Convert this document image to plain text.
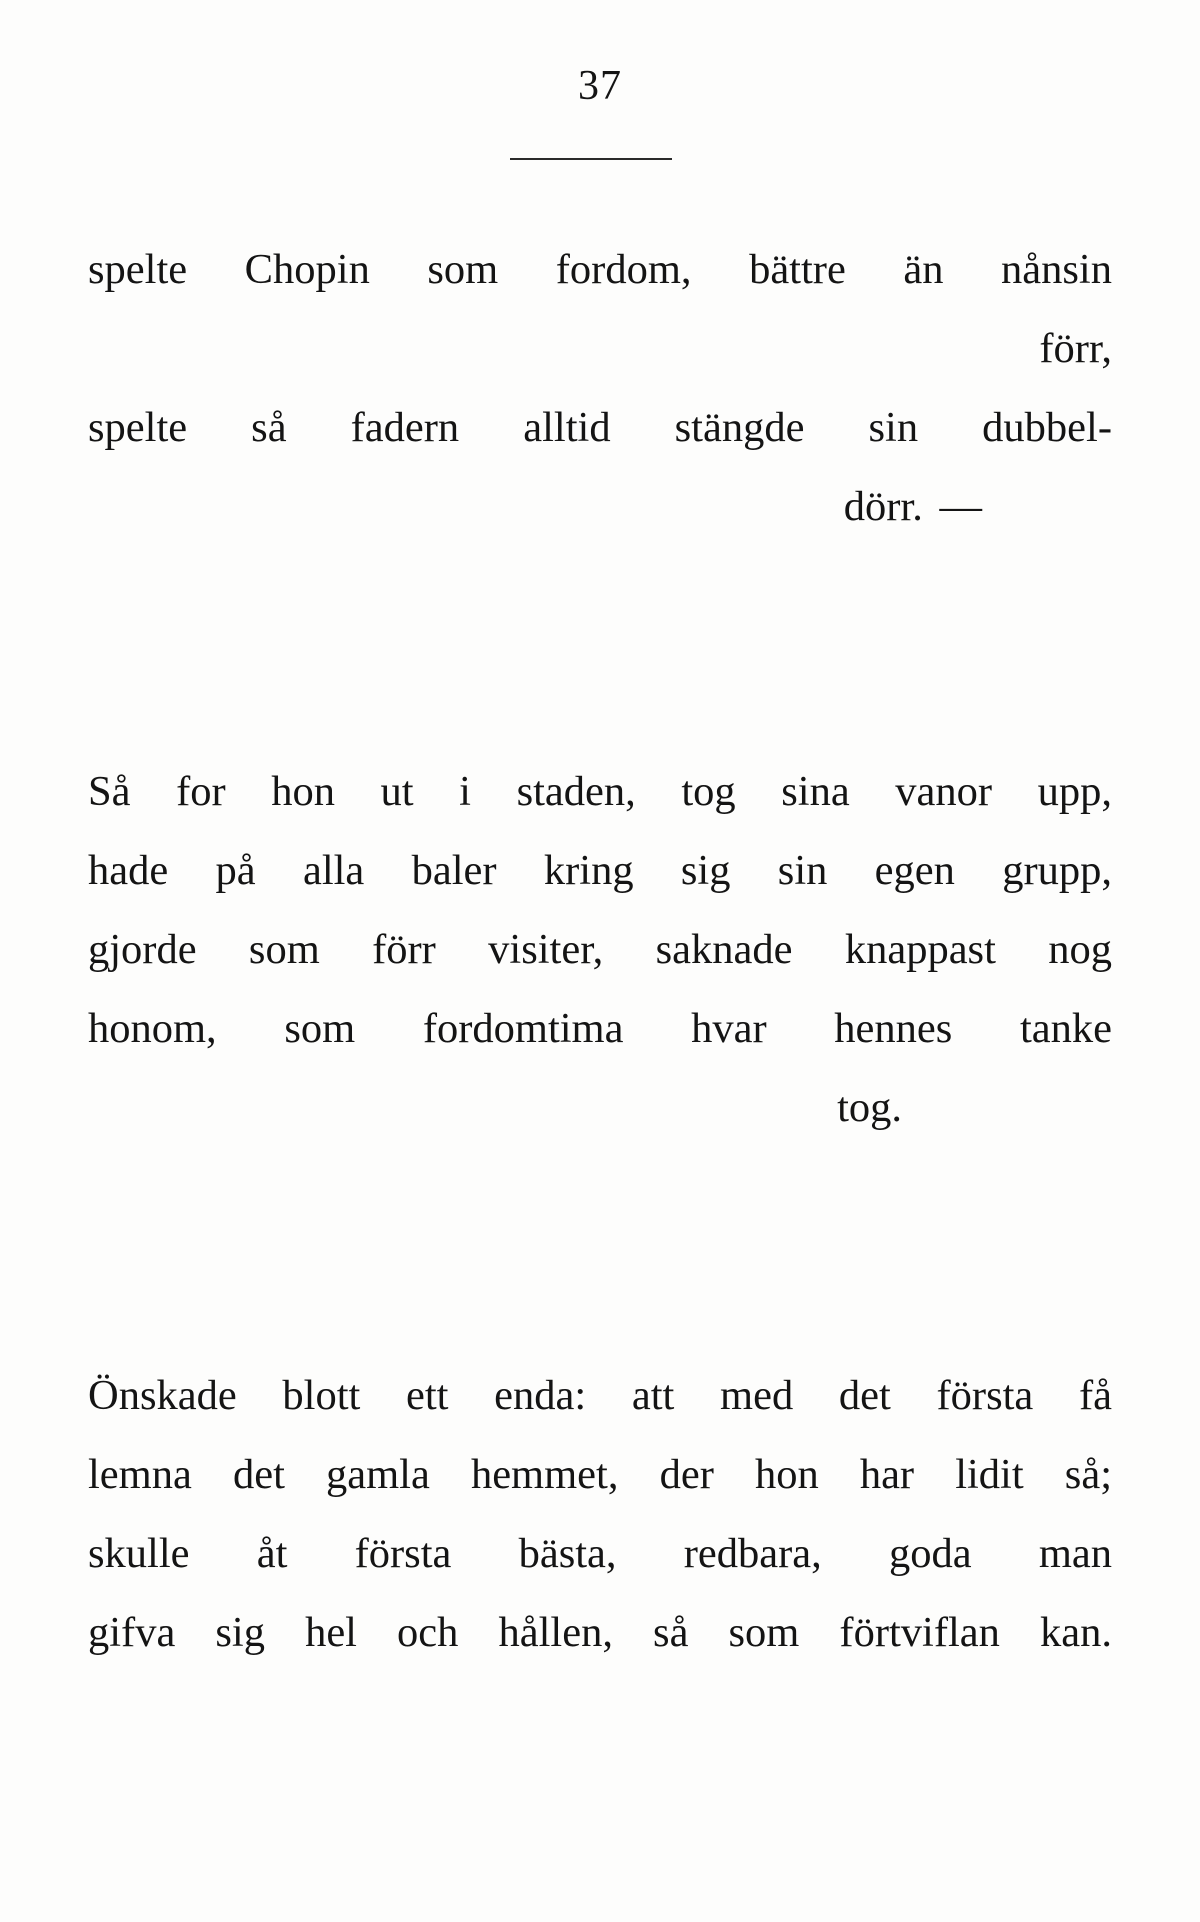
37
spelte Chopin som fordom, bättre än nånsin
förr,
spelte så fadern alltid stängde sin dubbel-
dörr. —
Så for hon ut i staden, tog sina vanor upp,
hade på alla baler kring sig sin egen grupp,
gjorde som förr visiter, saknade knappast nog
honom, som fordomtima hvar hennes tanke
tog.
Önskade blott ett enda: att med det första få
lemna det gamla hemmet, der hon har lidit så;
skulle åt första bästa, redbara, goda man
gifva sig hel och hållen, så som förtviflan kan.
